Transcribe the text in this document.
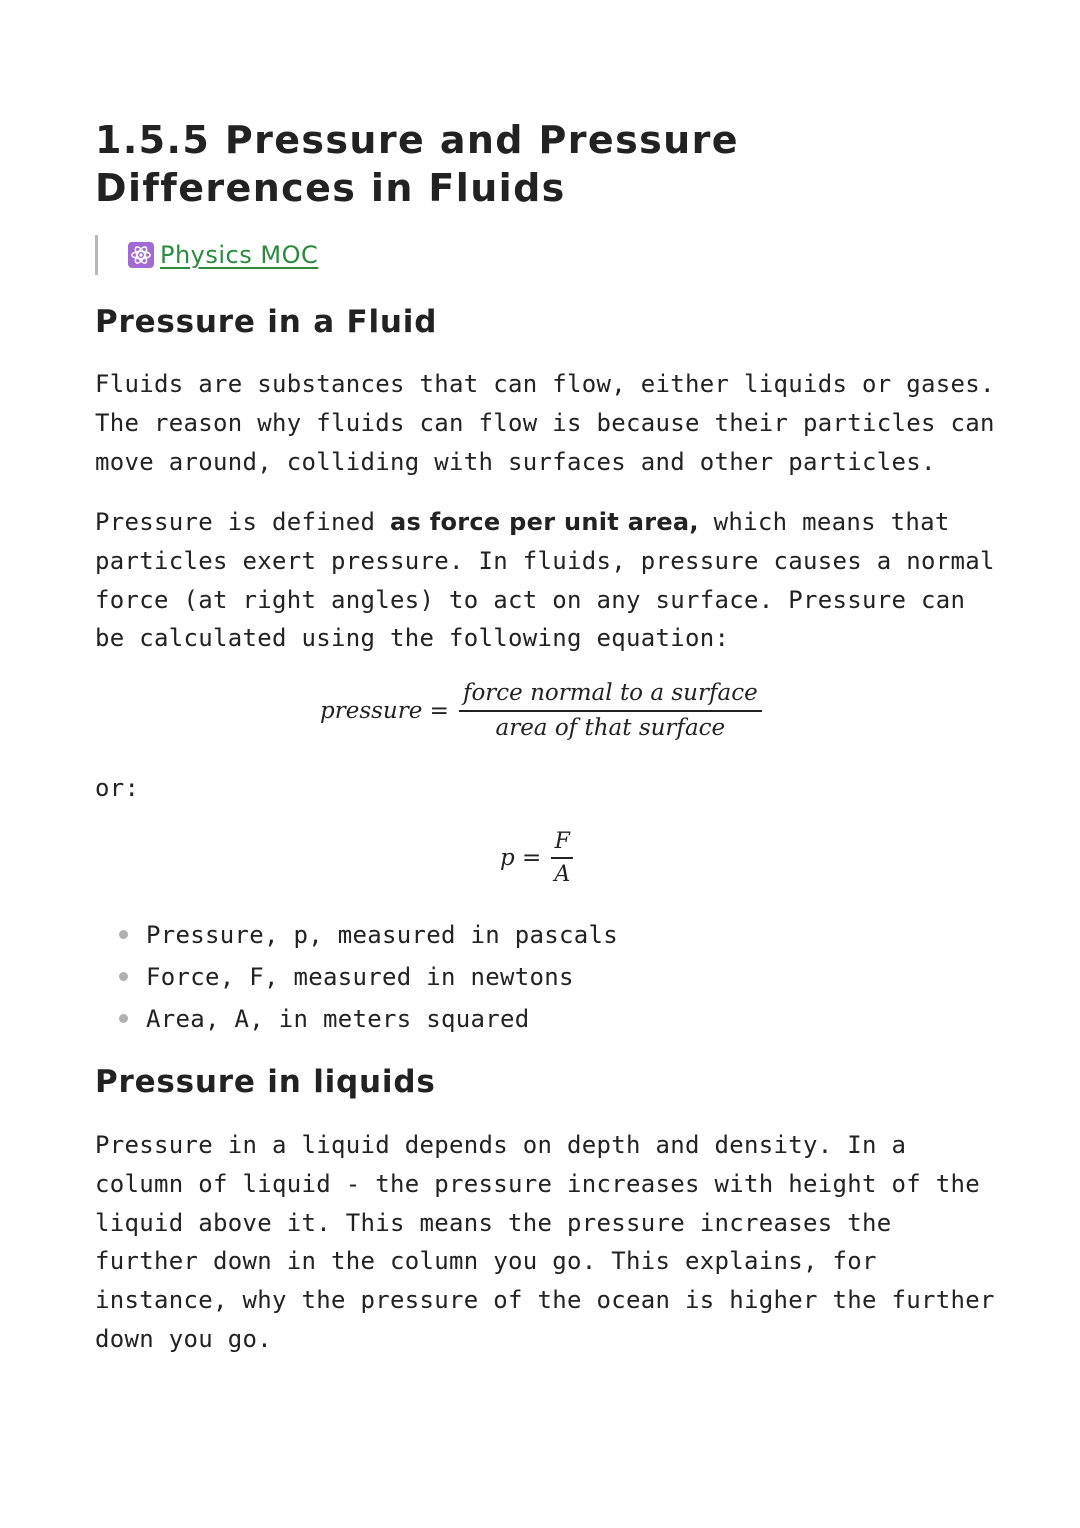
1.5.5 Pressure and Pressure Differences in Fluids
Physics MOC
Pressure in a Fluid

Fluids are substances that can flow, either liquids or gases. The reason why fluids can flow is because their particles can move around, colliding with surfaces and other particles.

Pressure is defined as force per unit area, which means that particles exert pressure. In fluids, pressure causes a normal force (at right angles) to act on any surface. Pressure can be calculated using the following equation:

pressure = $\frac{\text{force normal to a surface}}{\text{area of that surface}}$

or:

$p = \frac{F}{A}$
Pressure, p, measured in pascals
Force, F, measured in newtons
Area, A, in meters squared
Pressure in liquids

Pressure in a liquid depends on depth and density. In a column of liquid - the pressure increases with height of the liquid above it. This means the pressure increases the further down in the column you go. This explains, for instance, why the pressure of the ocean is higher the further down you go.
